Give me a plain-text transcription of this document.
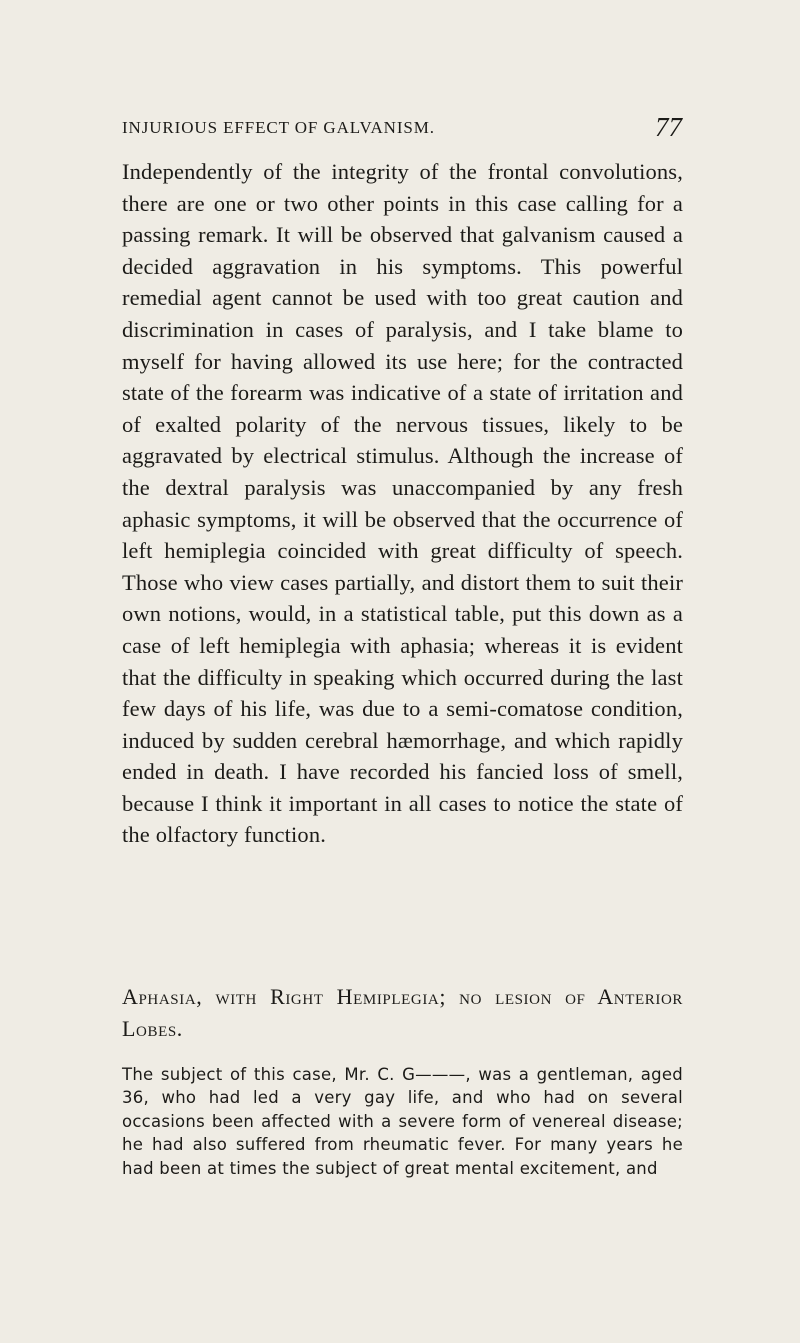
INJURIOUS EFFECT OF GALVANISM.	77

Independently of the integrity of the frontal convolutions, there are one or two other points in this case calling for a passing remark. It will be observed that galvanism caused a decided aggravation in his symptoms. This powerful remedial agent cannot be used with too great caution and discrimination in cases of paralysis, and I take blame to myself for having allowed its use here; for the contracted state of the forearm was indicative of a state of irritation and of exalted polarity of the nervous tissues, likely to be aggravated by electrical stimulus. Although the increase of the dextral paralysis was unaccompanied by any fresh aphasic symptoms, it will be observed that the occurrence of left hemiplegia coincided with great difficulty of speech. Those who view cases partially, and distort them to suit their own notions, would, in a statistical table, put this down as a case of left hemiplegia with aphasia; whereas it is evident that the difficulty in speaking which occurred during the last few days of his life, was due to a semi-comatose condition, induced by sudden cerebral hæmorrhage, and which rapidly ended in death. I have recorded his fancied loss of smell, because I think it important in all cases to notice the state of the olfactory function.

Aphasia, with Right Hemiplegia; no lesion of Anterior Lobes.

The subject of this case, Mr. C. G———, was a gentleman, aged 36, who had led a very gay life, and who had on several occasions been affected with a severe form of venereal disease; he had also suffered from rheumatic fever. For many years he had been at times the subject of great mental excitement, and
